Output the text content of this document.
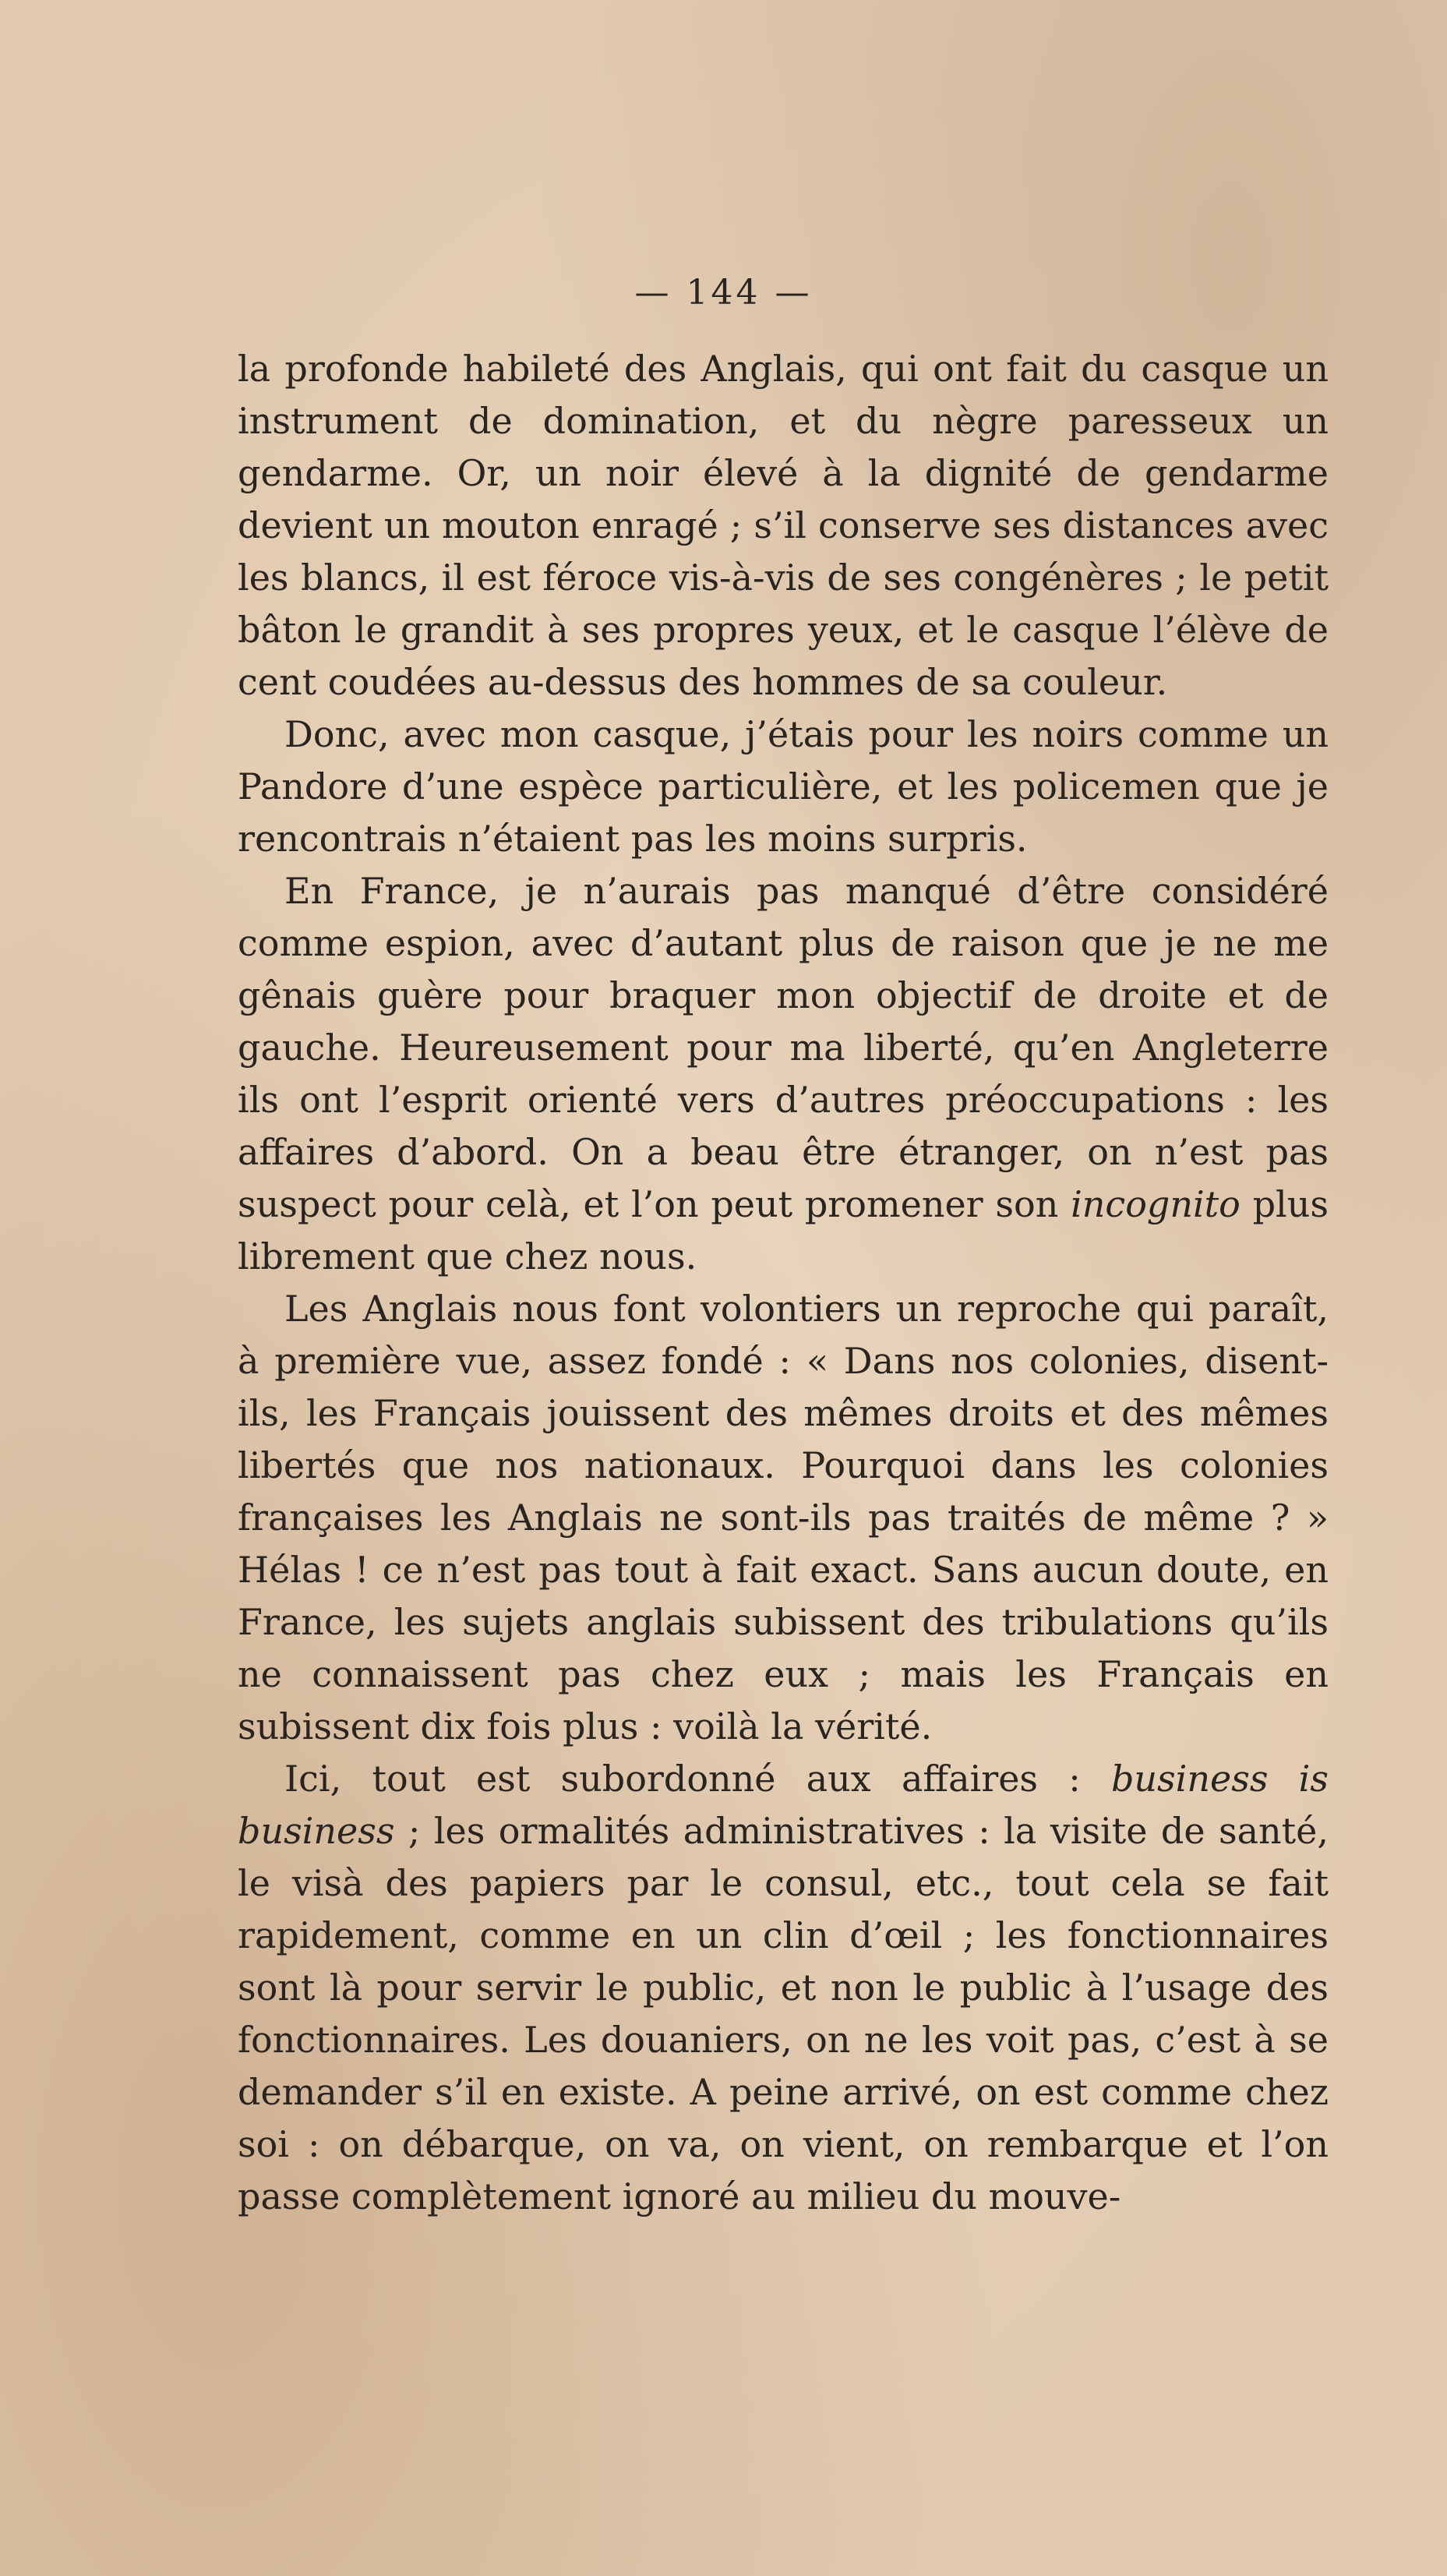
— 144 —

la profonde habileté des Anglais, qui ont fait du casque un instrument de domination, et du nègre paresseux un gendarme. Or, un noir élevé à la dignité de gendarme devient un mouton enragé ; s’il conserve ses distances avec les blancs, il est féroce vis-à-vis de ses congénères ; le petit bâton le grandit à ses propres yeux, et le casque l’élève de cent coudées au-dessus des hommes de sa couleur.

Donc, avec mon casque, j’étais pour les noirs comme un Pandore d’une espèce particulière, et les policemen que je rencontrais n’étaient pas les moins surpris.

En France, je n’aurais pas manqué d’être considéré comme espion, avec d’autant plus de raison que je ne me gênais guère pour braquer mon objectif de droite et de gauche. Heureusement pour ma liberté, qu’en Angleterre ils ont l’esprit orienté vers d’autres préoccupations : les affaires d’abord. On a beau être étranger, on n’est pas suspect pour celà, et l’on peut promener son incognito plus librement que chez nous.

Les Anglais nous font volontiers un reproche qui paraît, à première vue, assez fondé : « Dans nos colonies, disent-ils, les Français jouissent des mêmes droits et des mêmes libertés que nos nationaux. Pourquoi dans les colonies françaises les Anglais ne sont-ils pas traités de même ? » Hélas ! ce n’est pas tout à fait exact. Sans aucun doute, en France, les sujets anglais subissent des tribulations qu’ils ne connaissent pas chez eux ; mais les Français en subissent dix fois plus : voilà la vérité.

Ici, tout est subordonné aux affaires : business is business ; les ormalités administratives : la visite de santé, le visà des papiers par le consul, etc., tout cela se fait rapidement, comme en un clin d’œil ; les fonctionnaires sont là pour servir le public, et non le public à l’usage des fonctionnaires. Les douaniers, on ne les voit pas, c’est à se demander s’il en existe. A peine arrivé, on est comme chez soi : on débarque, on va, on vient, on rembarque et l’on passe complètement ignoré au milieu du mouve-
